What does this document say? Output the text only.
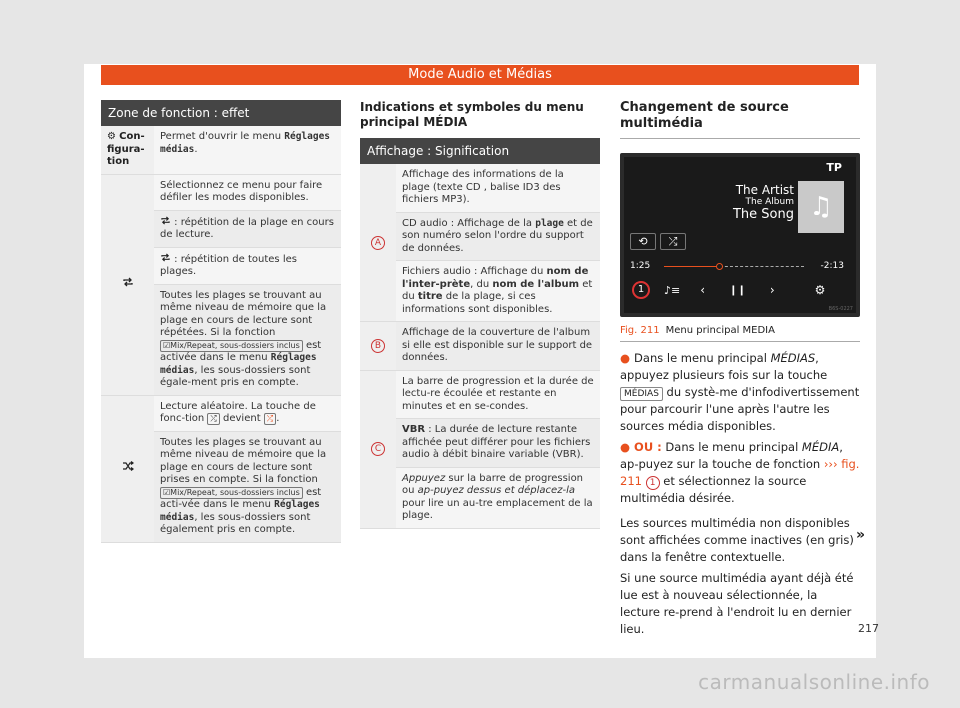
Mode Audio et Médias
Zone de fonction : effet	
⚙ Con-
figura-
tion	Permet d'ouvrir le menu Réglages médias.
	Sélectionnez ce menu pour faire défiler les modes disponibles.
	: répétition de la plage en cours de lecture.
	: répétition de toutes les plages.
	Toutes les plages se trouvant au même niveau de mémoire que la plage en cours de lecture sont répétées. Si la fonction ☑Mix/Repeat, sous-dossiers inclus est activée dans le menu Réglages médias, les sous-dossiers sont égale-ment pris en compte.
	Lecture aléatoire. La touche de fonc-tion ⤮ devient ⤮ .
	Toutes les plages se trouvant au même niveau de mémoire que la plage en cours de lecture sont prises en compte. Si la fonction ☑Mix/Repeat, sous-dossiers inclus est acti-vée dans le menu Réglages médias, les sous-dossiers sont également pris en compte.
Indications et symboles du menu principal MÉDIA
Affichage : Signification	
A	Affichage des informations de la plage (texte CD , balise ID3 des fichiers MP3).
	CD audio : Affichage de la plage et de son numéro selon l'ordre du support de données.
	Fichiers audio : Affichage du nom de l'inter-prète, du nom de l'album et du titre de la plage, si ces informations sont disponibles.
B	Affichage de la couverture de l'album si elle est disponible sur le support de données.
C	La barre de progression et la durée de lectu-re écoulée et restante en minutes et en se-condes.
	VBR : La durée de lecture restante affichée peut différer pour les fichiers audio à débit binaire variable (VBR).
	Appuyez sur la barre de progression ou ap-puyez dessus et déplacez-la pour lire un au-tre emplacement de la plage.
Changement de source multimédia
TP
The Artist
The Album
The Song ♫
⟲	⤮
1:25	-2:13
1	♪≡ ‹ ❙❙ ›	⚙
B6S-0227
Fig. 211 Menu principal MEDIA

● Dans le menu principal MÉDIAS, appuyez plusieurs fois sur la touche MÉDIAS du systè-me d'infodivertissement pour parcourir l'une après l'autre les sources média disponibles.

● OU : Dans le menu principal MÉDIA, ap-puyez sur la touche de fonction ››› fig. 211 1 et sélectionnez la source multimédia désirée.

Les sources multimédia non disponibles sont affichées comme inactives (en gris) dans la fenêtre contextuelle.

Si une source multimédia ayant déjà été lue est à nouveau sélectionnée, la lecture re-prend à l'endroit lu en dernier lieu.

»
217
carmanualsonline.info
